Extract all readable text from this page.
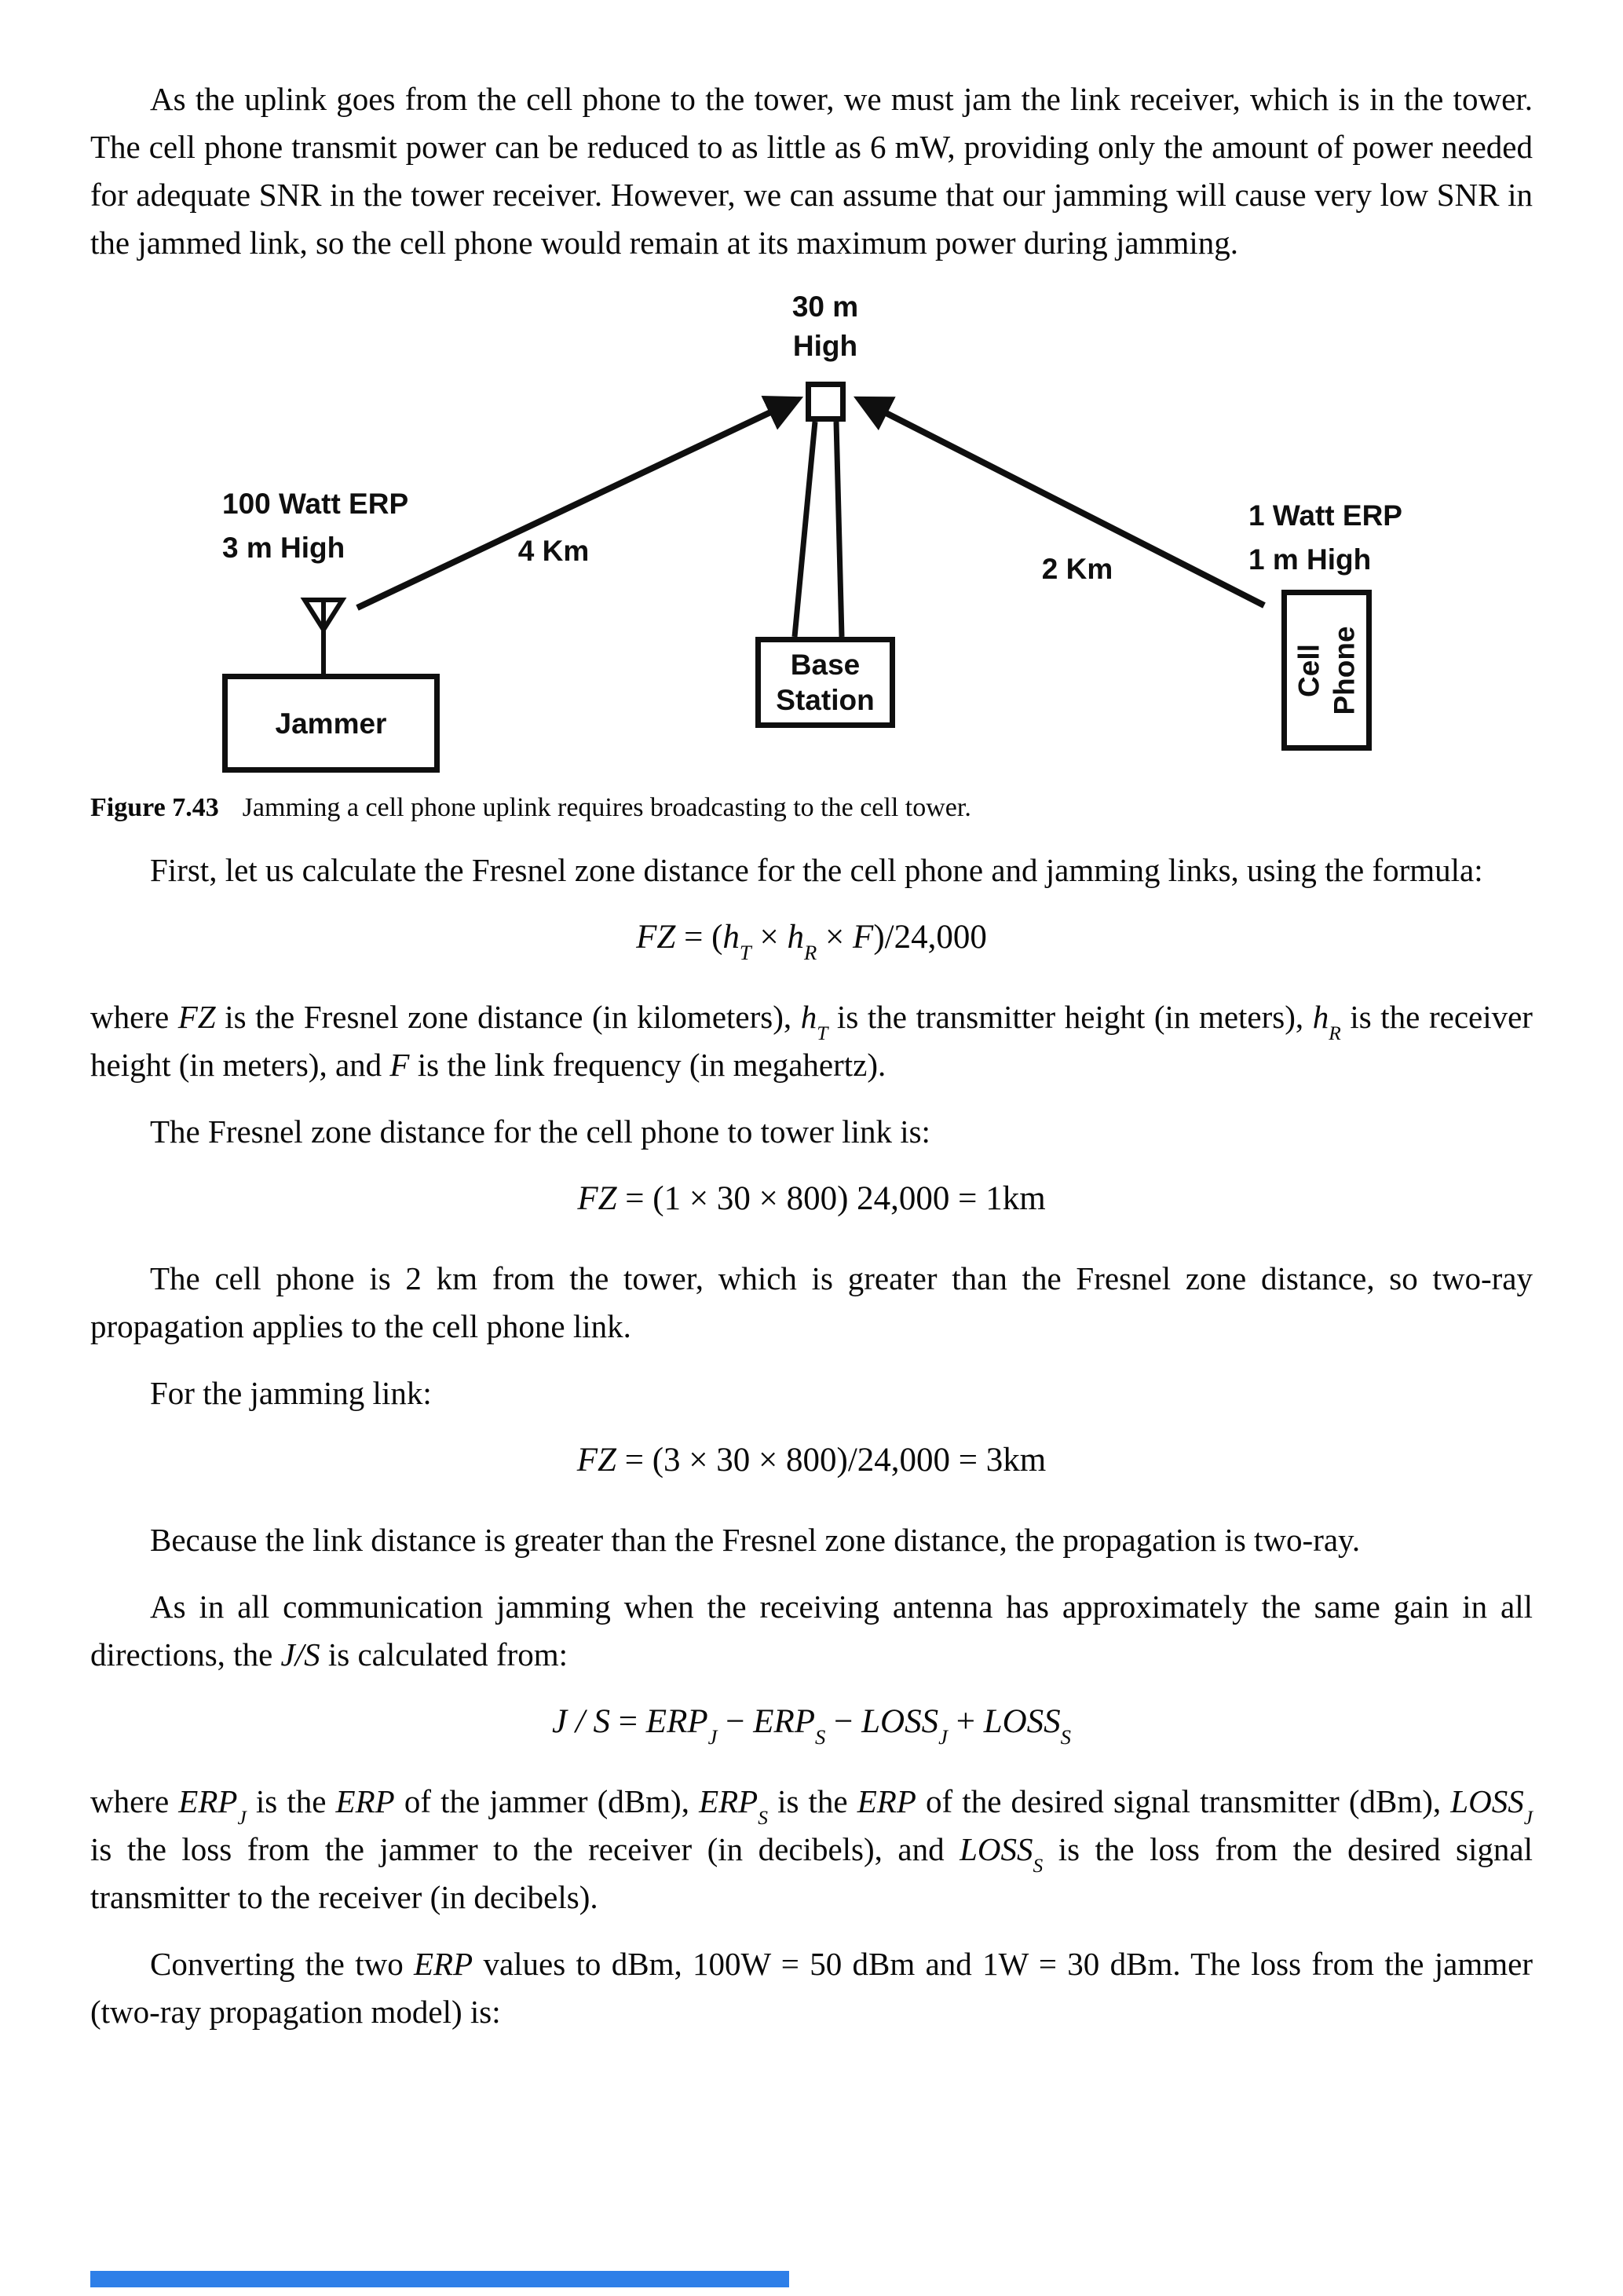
As the uplink goes from the cell phone to the tower, we must jam the link receiver, which is in the tower. The cell phone transmit power can be reduced to as little as 6 mW, providing only the amount of power needed for adequate SNR in the tower receiver. However, we can assume that our jamming will cause very low SNR in the jammed link, so the cell phone would remain at its maximum power during jamming.

30 m
High
4 Km
2 Km
100 Watt ERP
3 m High
1 Watt ERP
1 m High
Jammer
Base
Station
Cell Phone

Figure 7.43 Jamming a cell phone uplink requires broadcasting to the cell tower.

First, let us calculate the Fresnel zone distance for the cell phone and jamming links, using the formula:

FZ = $(h_T \times h_R \times F)/24,000$

where FZ is the Fresnel zone distance (in kilometers), $h_T$ is the transmitter height (in meters), $h_R$ is the receiver height (in meters), and F is the link frequency (in megahertz).

The Fresnel zone distance for the cell phone to tower link is:

FZ = (1 × 30 × 800) 24,000 = 1km

The cell phone is 2 km from the tower, which is greater than the Fresnel zone distance, so two-ray propagation applies to the cell phone link.

For the jamming link:

FZ = (3 × 30 × 800)/24,000 = 3km

Because the link distance is greater than the Fresnel zone distance, the propagation is two-ray.

As in all communication jamming when the receiving antenna has approximately the same gain in all directions, the J/S is calculated from:

$J / S = ERP_J - ERP_S$ − $LOSS_J$ + $LOSS_S$

where $ERP_J$ is the ERP of the jammer (dBm), $ERP_S$ is the ERP of the desired signal transmitter (dBm), $LOSS_J$ is the loss from the jammer to the receiver (in decibels), and $LOSS_S$ is the loss from the desired signal transmitter to the receiver (in decibels).

Converting the two ERP values to dBm, 100W = 50 dBm and 1W = 30 dBm. The loss from the jammer (two-ray propagation model) is:
